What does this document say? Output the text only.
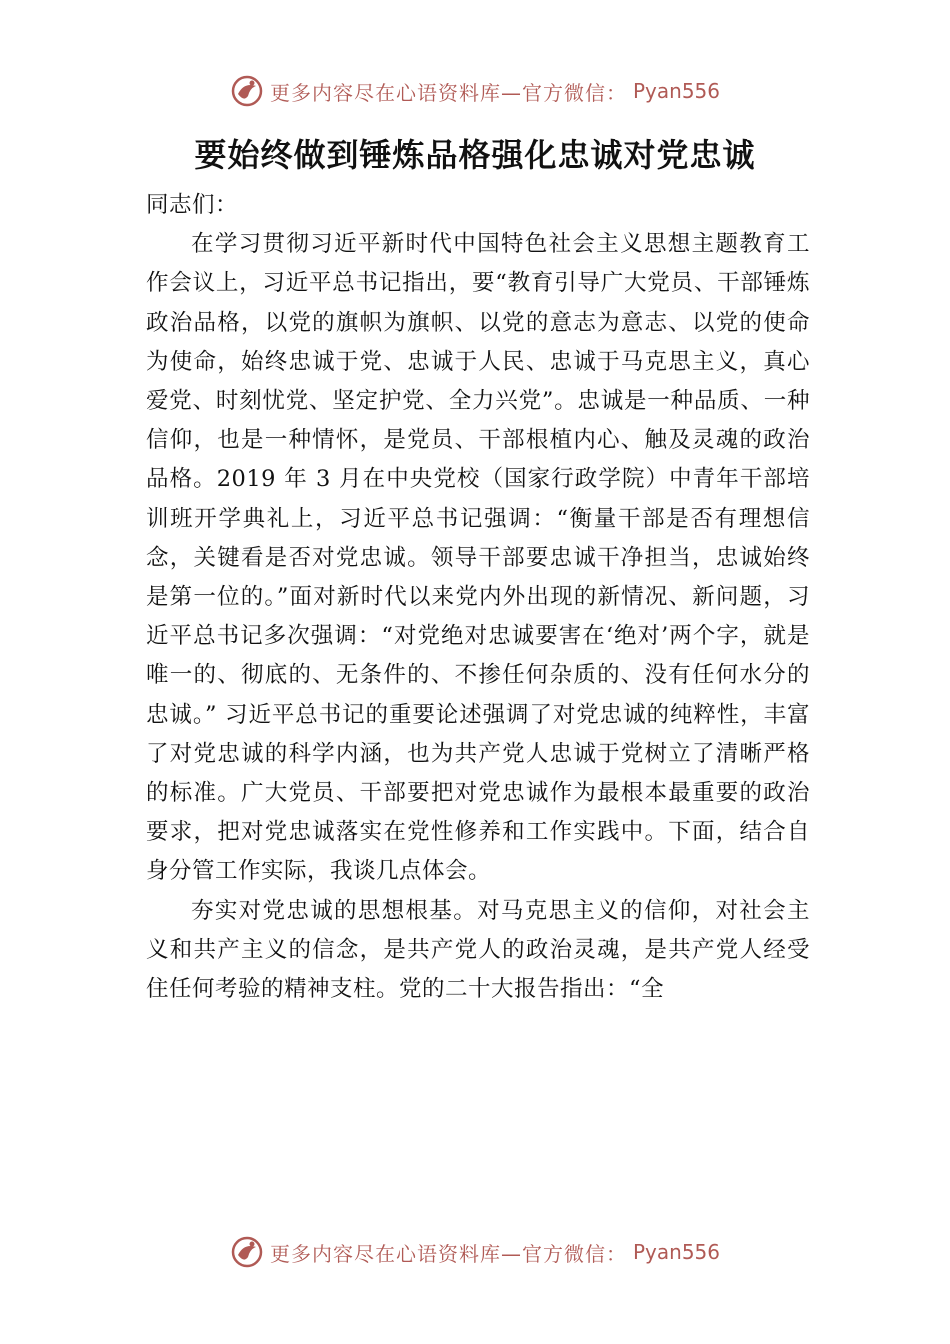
更多内容尽在心语资料库—官方微信： Pyan556
要始终做到锤炼品格强化忠诚对党忠诚

同志们：

在学习贯彻习近平新时代中国特色社会主义思想主题教育工作会议上，习近平总书记指出，要“教育引导广大党员、干部锤炼政治品格，以党的旗帜为旗帜、以党的意志为意志、以党的使命为使命，始终忠诚于党、忠诚于人民、忠诚于马克思主义，真心爱党、时刻忧党、坚定护党、全力兴党”。忠诚是一种品质、一种信仰，也是一种情怀，是党员、干部根植内心、触及灵魂的政治品格。2019 年 3 月在中央党校（国家行政学院）中青年干部培训班开学典礼上，习近平总书记强调：“衡量干部是否有理想信念，关键看是否对党忠诚。领导干部要忠诚干净担当，忠诚始终是第一位的。”面对新时代以来党内外出现的新情况、新问题，习近平总书记多次强调：“对党绝对忠诚要害在‘绝对’两个字，就是唯一的、彻底的、无条件的、不掺任何杂质的、没有任何水分的忠诚。” 习近平总书记的重要论述强调了对党忠诚的纯粹性，丰富了对党忠诚的科学内涵，也为共产党人忠诚于党树立了清晰严格的标准。广大党员、干部要把对党忠诚作为最根本最重要的政治要求，把对党忠诚落实在党性修养和工作实践中。下面，结合自身分管工作实际，我谈几点体会。

夯实对党忠诚的思想根基。对马克思主义的信仰，对社会主义和共产主义的信念，是共产党人的政治灵魂，是共产党人经受住任何考验的精神支柱。党的二十大报告指出：“全

更多内容尽在心语资料库—官方微信： Pyan556
